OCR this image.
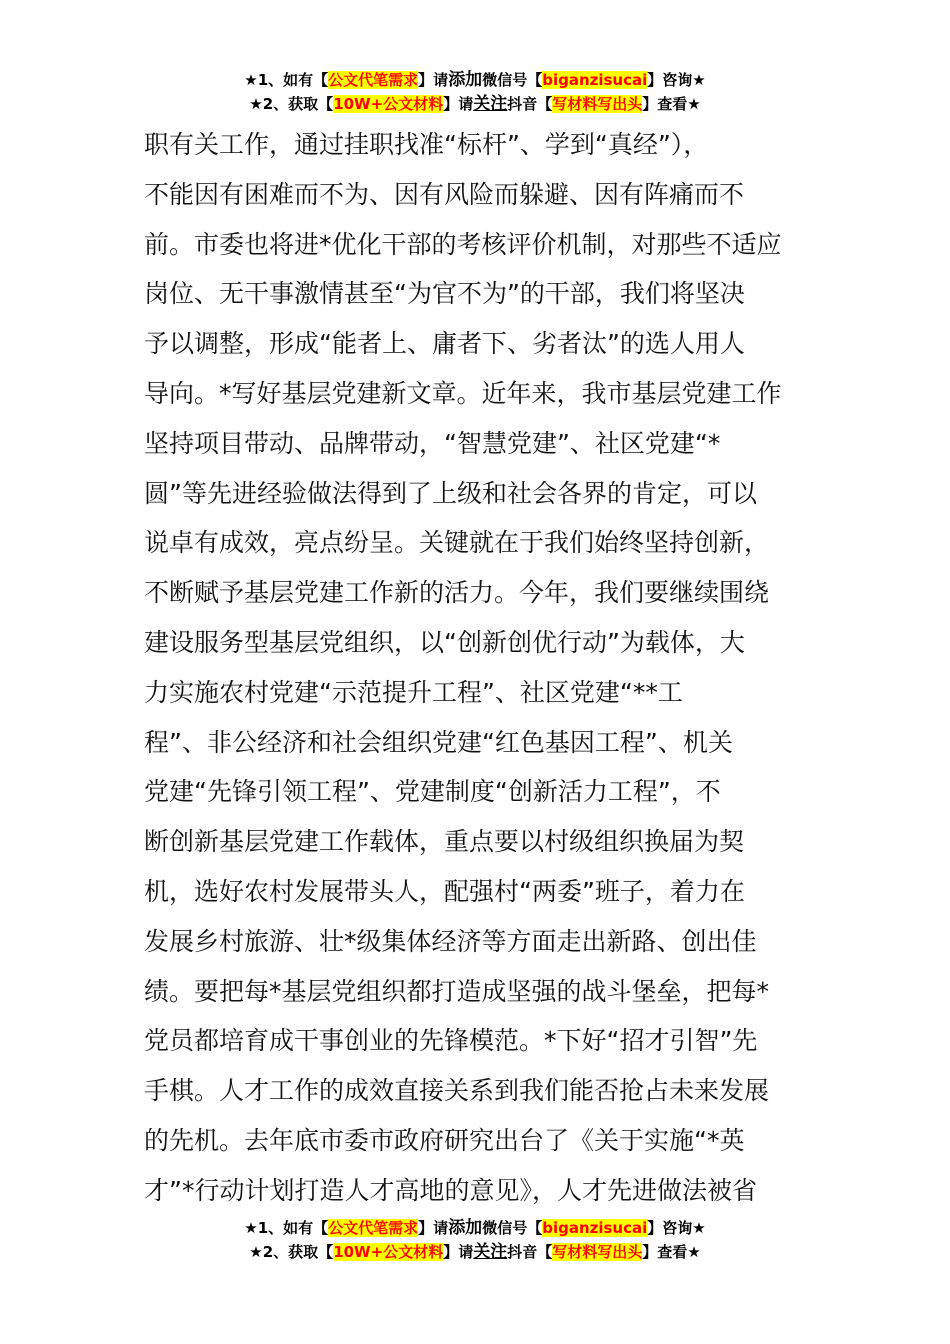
★1、如有【公文代笔需求】请添加微信号【biganzisucai】咨询★
★2、获取【10W+公文材料】请关注抖音【写材料写出头】查看★
职有关工作，通过挂职找准“标杆”、学到“真经”），
不能因有困难而不为、因有风险而躲避、因有阵痛而不
前。市委也将进*优化干部的考核评价机制，对那些不适应
岗位、无干事激情甚至“为官不为”的干部，我们将坚决
予以调整，形成“能者上、庸者下、劣者汰”的选人用人
导向。*写好基层党建新文章。近年来，我市基层党建工作
坚持项目带动、品牌带动，“智慧党建”、社区党建“*
圆”等先进经验做法得到了上级和社会各界的肯定，可以
说卓有成效，亮点纷呈。关键就在于我们始终坚持创新，
不断赋予基层党建工作新的活力。今年，我们要继续围绕
建设服务型基层党组织，以“创新创优行动”为载体，大
力实施农村党建“示范提升工程”、社区党建“**工
程”、非公经济和社会组织党建“红色基因工程”、机关
党建“先锋引领工程”、党建制度“创新活力工程”，不
断创新基层党建工作载体，重点要以村级组织换届为契
机，选好农村发展带头人，配强村“两委”班子，着力在
发展乡村旅游、壮*级集体经济等方面走出新路、创出佳
绩。要把每*基层党组织都打造成坚强的战斗堡垒，把每*
党员都培育成干事创业的先锋模范。*下好“招才引智”先
手棋。人才工作的成效直接关系到我们能否抢占未来发展
的先机。去年底市委市政府研究出台了《关于实施“*英
才”*行动计划打造人才高地的意见》，人才先进做法被省
★1、如有【公文代笔需求】请添加微信号【biganzisucai】咨询★
★2、获取【10W+公文材料】请关注抖音【写材料写出头】查看★
